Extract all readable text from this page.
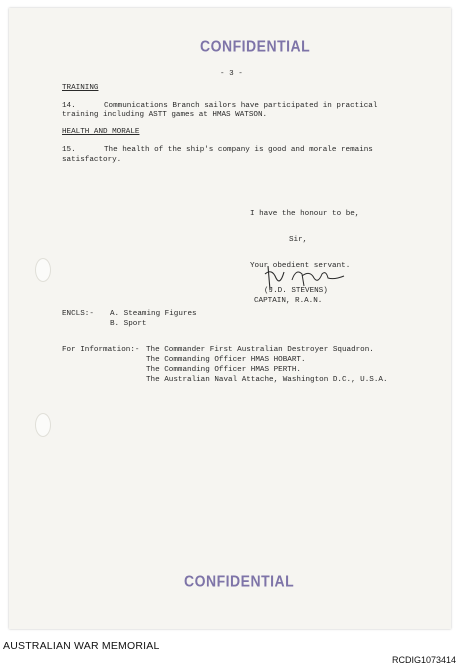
CONFIDENTIAL
- 3 -
TRAINING
14.	Communications Branch sailors have participated in practical
training including ASTT games at HMAS WATSON.
HEALTH AND MORALE
15.	The health of the ship's company is good and morale remains
satisfactory.
I have the honour to be,
Sir,
Your obedient servant.
(J.D. STEVENS)
CAPTAIN, R.A.N.
ENCLS:- A. Steaming Figures
B. Sport
For Information:- The Commander First Australian Destroyer Squadron.
The Commanding Officer HMAS HOBART.
The Commanding Officer HMAS PERTH.
The Australian Naval Attache, Washington D.C., U.S.A.
CONFIDENTIAL
AUSTRALIAN WAR MEMORIAL
RCDIG1073414
